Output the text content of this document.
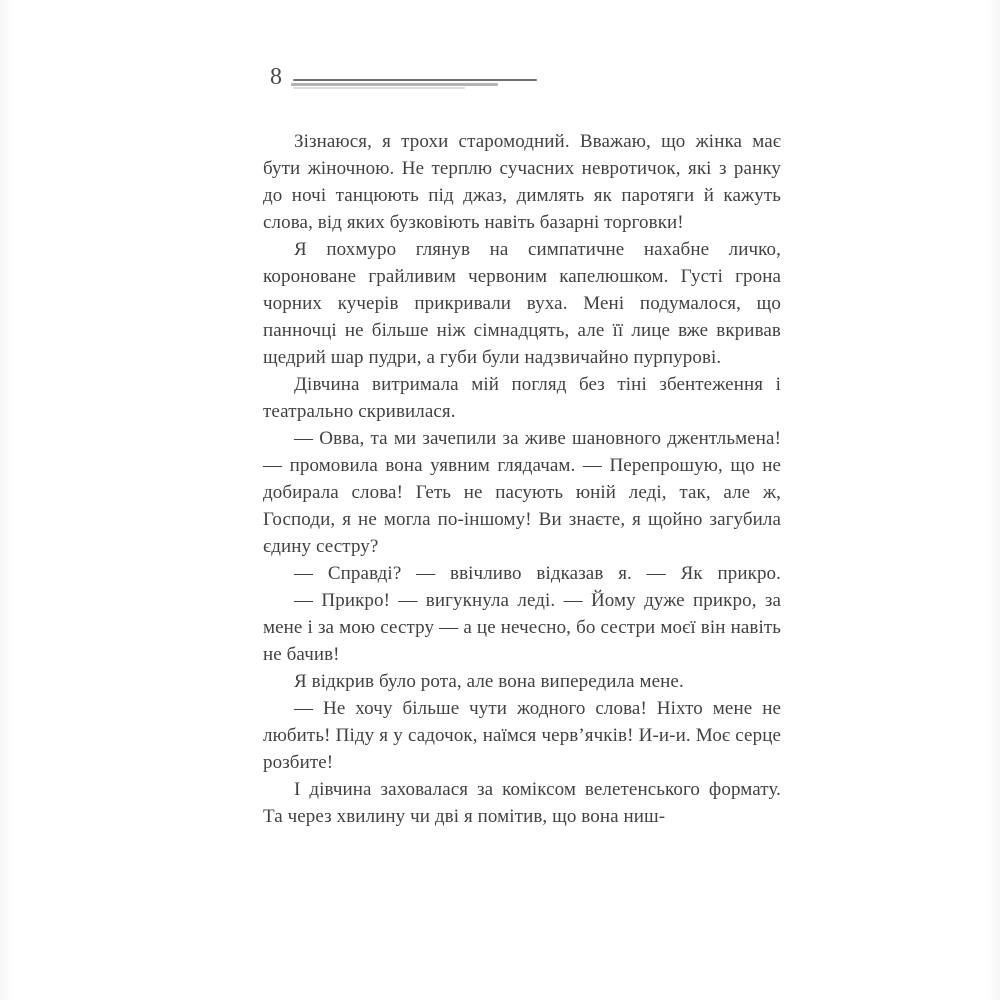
8

Зізнаюся, я трохи старомодний. Вважаю, що жінка має бути жіночною. Не терплю сучасних невротичок, які з ранку до ночі танцюють під джаз, димлять як паротяги й кажуть слова, від яких бузковіють навіть базарні торговки!

Я похмуро глянув на симпатичне нахабне личко, короноване грайливим червоним капелюшком. Густі грона чорних кучерів прикривали вуха. Мені подумалося, що панночці не більше ніж сімнадцять, але її лице вже вкривав щедрий шар пудри, а губи були надзвичайно пурпурові.

Дівчина витримала мій погляд без тіні збентеження і театрально скривилася.

— Овва, та ми зачепили за живе шановного джентльмена! — промовила вона уявним глядачам. — Перепрошую, що не добирала слова! Геть не пасують юній леді, так, але ж, Господи, я не могла по-іншому! Ви знаєте, я щойно загубила єдину сестру?

— Справді? — ввічливо відказав я. — Як прикро.

— Прикро! — вигукнула леді. — Йому дуже прикро, за мене і за мою сестру — а це нечесно, бо сестри моєї він навіть не бачив!

Я відкрив було рота, але вона випередила мене.

— Не хочу більше чути жодного слова! Ніхто мене не любить! Піду я у садочок, наїмся черв’ячків! И-и-и. Моє серце розбите!

І дівчина заховалася за коміксом велетенського формату. Та через хвилину чи дві я помітив, що вона ниш-
